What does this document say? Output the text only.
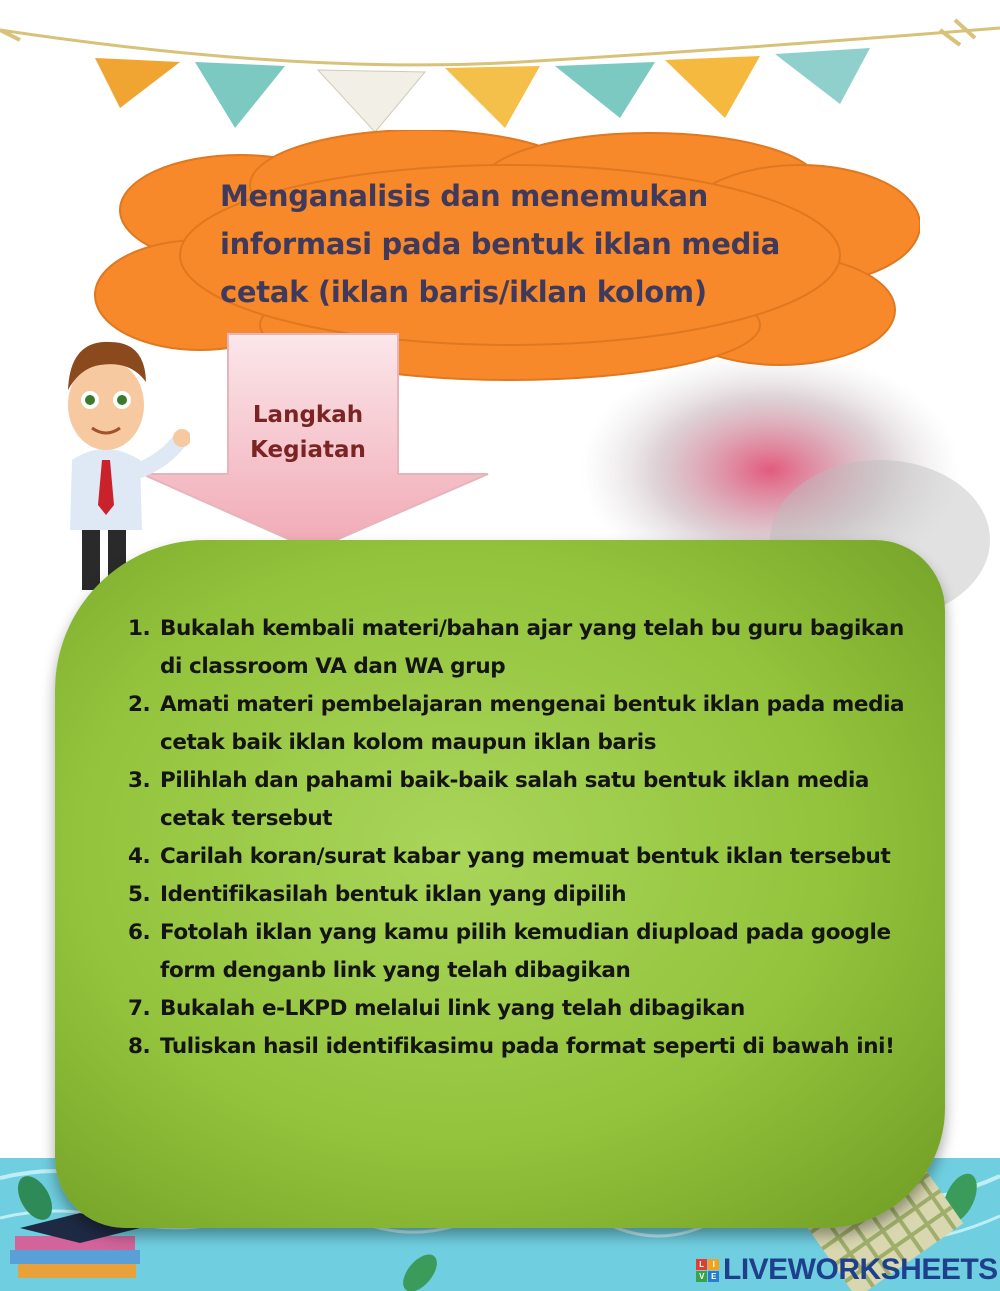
Menganalisis dan menemukan
informasi pada bentuk iklan media
cetak (iklan baris/iklan kolom)
Langkah
Kegiatan
1. Bukalah kembali materi/bahan ajar yang telah bu guru bagikan di classroom VA dan WA grup
2. Amati materi pembelajaran mengenai bentuk iklan pada media cetak baik iklan kolom maupun iklan baris
3. Pilihlah dan pahami baik-baik salah satu bentuk iklan media cetak tersebut
4. Carilah koran/surat kabar yang memuat bentuk iklan tersebut
5. Identifikasilah bentuk iklan yang dipilih
6. Fotolah iklan yang kamu pilih kemudian diupload pada google form denganb link yang telah dibagikan
7. Bukalah e-LKPD melalui link yang telah dibagikan
8. Tuliskan hasil identifikasimu pada format seperti di bawah ini!
L	I
V E LIVEWORKSHEETS
